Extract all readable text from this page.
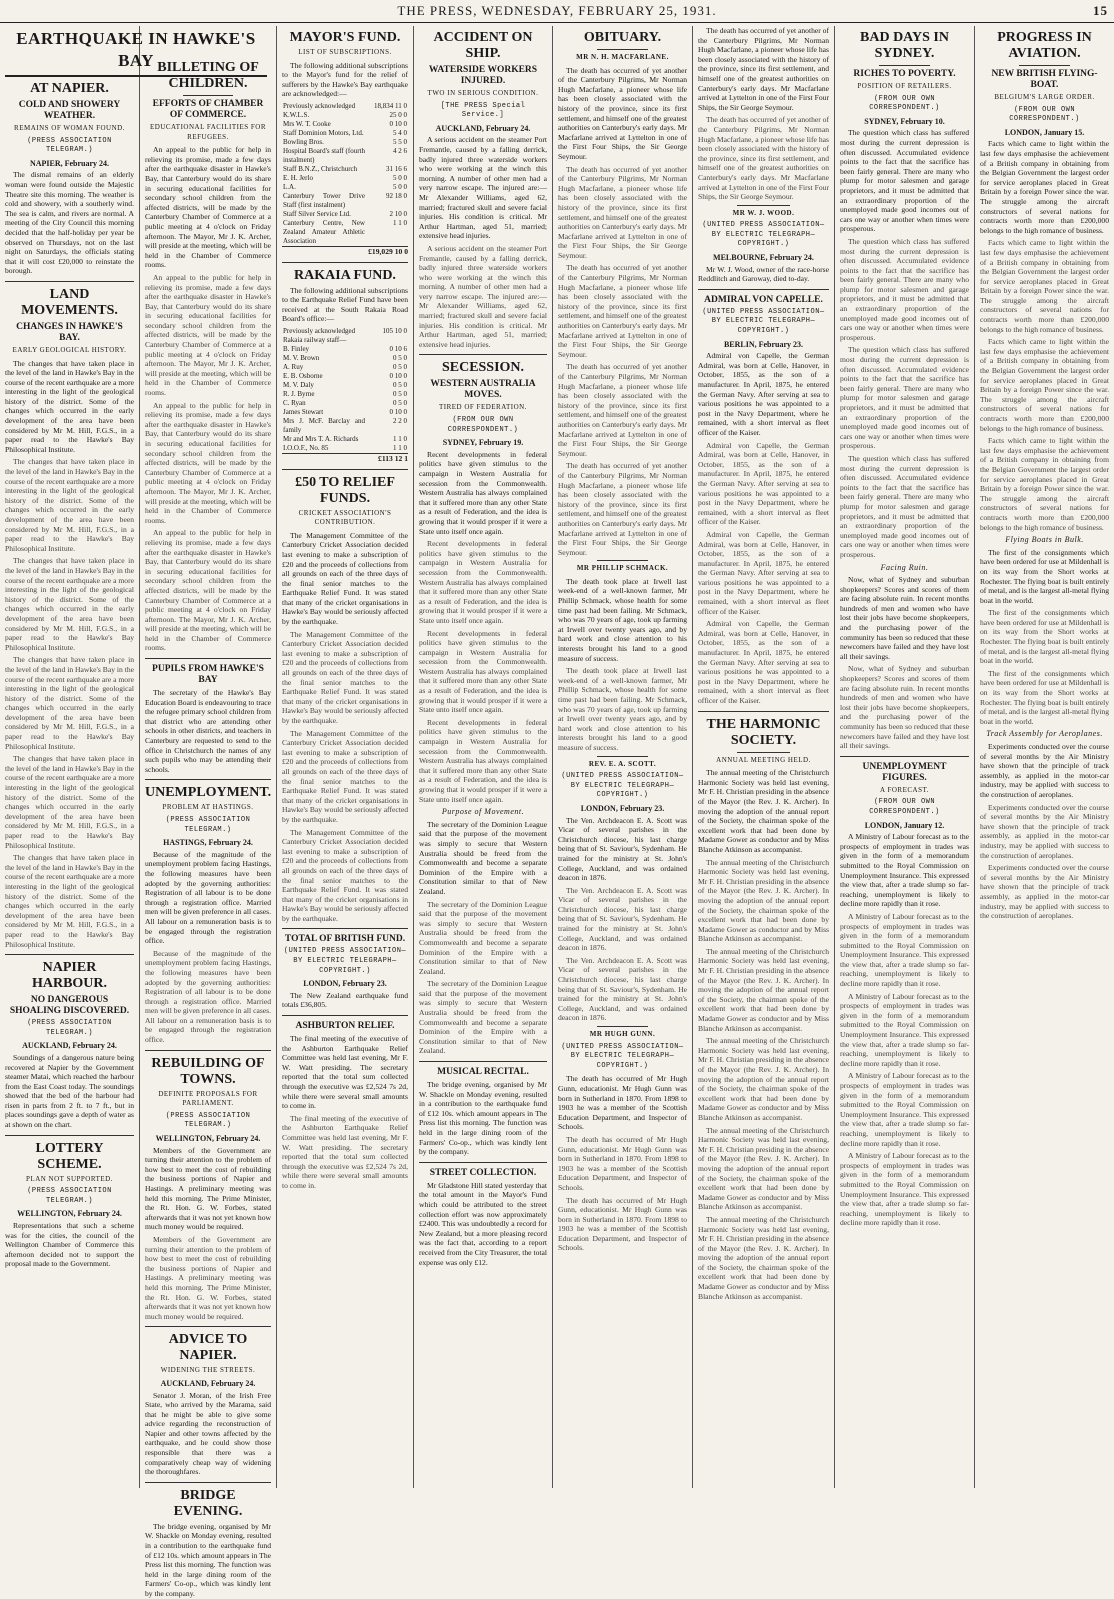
THE PRESS, WEDNESDAY, FEBRUARY 25, 1931.	15
EARTHQUAKE IN HAWKE'S BAY
AT NAPIER.
COLD AND SHOWERY WEATHER.
REMAINS OF WOMAN FOUND.
(PRESS ASSOCIATION TELEGRAM.)
NAPIER, February 24.

The dismal remains of an elderly woman were found outside the Majestic Theatre site this morning. The weather is cold and showery, with a southerly wind. The sea is calm, and rivers are normal. A meeting of the City Council this morning decided that the half-holiday per year be observed on Thursdays, not on the last night on Saturdays, the officials stating that it will cost £20,000 to reinstate the borough.

LAND MOVEMENTS.
CHANGES IN HAWKE'S BAY.
EARLY GEOLOGICAL HISTORY.

The changes that have taken place in the level of the land in Hawke's Bay in the course of the recent earthquake are a more interesting in the light of the geological history of the district. Some of the changes which occurred in the early development of the area have been considered by Mr M. Hill, F.G.S., in a paper read to the Hawke's Bay Philosophical Institute.

The changes that have taken place in the level of the land in Hawke's Bay in the course of the recent earthquake are a more interesting in the light of the geological history of the district. Some of the changes which occurred in the early development of the area have been considered by Mr M. Hill, F.G.S., in a paper read to the Hawke's Bay Philosophical Institute.

The changes that have taken place in the level of the land in Hawke's Bay in the course of the recent earthquake are a more interesting in the light of the geological history of the district. Some of the changes which occurred in the early development of the area have been considered by Mr M. Hill, F.G.S., in a paper read to the Hawke's Bay Philosophical Institute.

The changes that have taken place in the level of the land in Hawke's Bay in the course of the recent earthquake are a more interesting in the light of the geological history of the district. Some of the changes which occurred in the early development of the area have been considered by Mr M. Hill, F.G.S., in a paper read to the Hawke's Bay Philosophical Institute.

The changes that have taken place in the level of the land in Hawke's Bay in the course of the recent earthquake are a more interesting in the light of the geological history of the district. Some of the changes which occurred in the early development of the area have been considered by Mr M. Hill, F.G.S., in a paper read to the Hawke's Bay Philosophical Institute.

The changes that have taken place in the level of the land in Hawke's Bay in the course of the recent earthquake are a more interesting in the light of the geological history of the district. Some of the changes which occurred in the early development of the area have been considered by Mr M. Hill, F.G.S., in a paper read to the Hawke's Bay Philosophical Institute.

NAPIER HARBOUR.
NO DANGEROUS SHOALING DISCOVERED.
(PRESS ASSOCIATION TELEGRAM.)
AUCKLAND, February 24.

Soundings of a dangerous nature being recovered at Napier by the Government steamer Matai, which reached the harbour from the East Coast today. The soundings showed that the bed of the harbour had risen in parts from 2 ft. to 7 ft., but in places soundings gave a depth of water as at shown on the chart.

LOTTERY SCHEME.
PLAN NOT SUPPORTED.
(PRESS ASSOCIATION TELEGRAM.)
WELLINGTON, February 24.

Representations that such a scheme was for the cities, the council of the Wellington Chamber of Commerce this afternoon decided not to support the proposal made to the Government.

BILLETING OF CHILDREN.
EFFORTS OF CHAMBER OF COMMERCE.
EDUCATIONAL FACILITIES FOR REFUGEES.

An appeal to the public for help in relieving its promise, made a few days after the earthquake disaster in Hawke's Bay, that Canterbury would do its share in securing educational facilities for secondary school children from the affected districts, will be made by the Canterbury Chamber of Commerce at a public meeting at 4 o'clock on Friday afternoon. The Mayor, Mr J. K. Archer, will preside at the meeting, which will be held in the Chamber of Commerce rooms.

An appeal to the public for help in relieving its promise, made a few days after the earthquake disaster in Hawke's Bay, that Canterbury would do its share in securing educational facilities for secondary school children from the affected districts, will be made by the Canterbury Chamber of Commerce at a public meeting at 4 o'clock on Friday afternoon. The Mayor, Mr J. K. Archer, will preside at the meeting, which will be held in the Chamber of Commerce rooms.

An appeal to the public for help in relieving its promise, made a few days after the earthquake disaster in Hawke's Bay, that Canterbury would do its share in securing educational facilities for secondary school children from the affected districts, will be made by the Canterbury Chamber of Commerce at a public meeting at 4 o'clock on Friday afternoon. The Mayor, Mr J. K. Archer, will preside at the meeting, which will be held in the Chamber of Commerce rooms.

An appeal to the public for help in relieving its promise, made a few days after the earthquake disaster in Hawke's Bay, that Canterbury would do its share in securing educational facilities for secondary school children from the affected districts, will be made by the Canterbury Chamber of Commerce at a public meeting at 4 o'clock on Friday afternoon. The Mayor, Mr J. K. Archer, will preside at the meeting, which will be held in the Chamber of Commerce rooms.

PUPILS FROM HAWKE'S BAY

The secretary of the Hawke's Bay Education Board is endeavouring to trace the refugee primary school children from that district who are attending other schools in other districts, and teachers in Canterbury are requested to send to the office in Christchurch the names of any such pupils who may be attending their schools.

UNEMPLOYMENT.
PROBLEM AT HASTINGS.
(PRESS ASSOCIATION TELEGRAM.)
HASTINGS, February 24.

Because of the magnitude of the unemployment problem facing Hastings, the following measures have been adopted by the governing authorities: Registration of all labour is to be done through a registration office. Married men will be given preference in all cases. All labour on a remuneration basis is to be engaged through the registration office.

Because of the magnitude of the unemployment problem facing Hastings, the following measures have been adopted by the governing authorities: Registration of all labour is to be done through a registration office. Married men will be given preference in all cases. All labour on a remuneration basis is to be engaged through the registration office.

REBUILDING OF TOWNS.
DEFINITE PROPOSALS FOR PARLIAMENT.
(PRESS ASSOCIATION TELEGRAM.)
WELLINGTON, February 24.

Members of the Government are turning their attention to the problem of how best to meet the cost of rebuilding the business portions of Napier and Hastings. A preliminary meeting was held this morning. The Prime Minister, the Rt. Hon. G. W. Forbes, stated afterwards that it was not yet known how much money would be required.

Members of the Government are turning their attention to the problem of how best to meet the cost of rebuilding the business portions of Napier and Hastings. A preliminary meeting was held this morning. The Prime Minister, the Rt. Hon. G. W. Forbes, stated afterwards that it was not yet known how much money would be required.

ADVICE TO NAPIER.
WIDENING THE STREETS.
AUCKLAND, February 24.

Senator J. Moran, of the Irish Free State, who arrived by the Marama, said that he might be able to give some advice regarding the reconstruction of Napier and other towns affected by the earthquake, and he could show those responsible that there was a comparatively cheap way of widening the thoroughfares.

BRIDGE EVENING.

The bridge evening, organised by Mr W. Shackle on Monday evening, resulted in a contribution to the earthquake fund of £12 10s. which amount appears in The Press list this morning. The function was held in the large dining room of the Farmers' Co-op., which was kindly lent by the company.

MAYOR'S FUND.
LIST OF SUBSCRIPTIONS.

The following additional subscriptions to the Mayor's fund for the relief of sufferers by the Hawke's Bay earthquake are acknowledged:—

Previously acknowledged	18,834 11 0
K.W.L.S.	25 0 0
Mrs W. T. Cooke	0 10 0
Staff Dominion Motors, Ltd.	5 4 0
Bowling Bros.	5 5 0
Hospital Board's staff (fourth instalment)	4 2 6
Staff B.N.Z., Christchurch	31 16 6
E. H. Jerlo	5 0 0
L.A.	5 0 0
Canterbury Tower Drive Staff (first instalment)	92 18 0
Staff Silver Service Ltd.	2 10 0
Canterbury Centre, New Zealand Amateur Athletic Association	1 1 0
£19,029 10 0
RAKAIA FUND.

The following additional subscriptions to the Earthquake Relief Fund have been received at the South Rakaia Road Board's office:—

Previously acknowledged	105 10 0
Rakaia railway staff—	
B. Finley	0 10 6
M. V. Brown	0 5 0
A. Ruy	0 5 0
E. B. Osborne	0 10 0
M. V. Daly	0 5 0
R. J. Byrne	0 5 0
C. Ryan	0 5 0
James Stewart	0 10 0
Mrs J. McF. Barclay and family	2 2 0
Mr and Mrs T. A. Richards	1 1 0
I.O.O.F., No. 85	1 1 0
£113 12 1
£50 TO RELIEF FUNDS.
CRICKET ASSOCIATION'S CONTRIBUTION.

The Management Committee of the Canterbury Cricket Association decided last evening to make a subscription of £20 and the proceeds of collections from all grounds on each of the three days of the final senior matches to the Earthquake Relief Fund. It was stated that many of the cricket organisations in Hawke's Bay would be seriously affected by the earthquake.

The Management Committee of the Canterbury Cricket Association decided last evening to make a subscription of £20 and the proceeds of collections from all grounds on each of the three days of the final senior matches to the Earthquake Relief Fund. It was stated that many of the cricket organisations in Hawke's Bay would be seriously affected by the earthquake.

The Management Committee of the Canterbury Cricket Association decided last evening to make a subscription of £20 and the proceeds of collections from all grounds on each of the three days of the final senior matches to the Earthquake Relief Fund. It was stated that many of the cricket organisations in Hawke's Bay would be seriously affected by the earthquake.

The Management Committee of the Canterbury Cricket Association decided last evening to make a subscription of £20 and the proceeds of collections from all grounds on each of the three days of the final senior matches to the Earthquake Relief Fund. It was stated that many of the cricket organisations in Hawke's Bay would be seriously affected by the earthquake.

TOTAL OF BRITISH FUND.
(UNITED PRESS ASSOCIATION—BY ELECTRIC TELEGRAPH—COPYRIGHT.)
LONDON, February 23.

The New Zealand earthquake fund totals £36,805.

ASHBURTON RELIEF.

The final meeting of the executive of the Ashburton Earthquake Relief Committee was held last evening, Mr F. W. Watt presiding. The secretary reported that the total sum collected through the executive was £2,524 7s 2d, while there were several small amounts to come in.

The final meeting of the executive of the Ashburton Earthquake Relief Committee was held last evening, Mr F. W. Watt presiding. The secretary reported that the total sum collected through the executive was £2,524 7s 2d, while there were several small amounts to come in.

ACCIDENT ON SHIP.
WATERSIDE WORKERS INJURED.
TWO IN SERIOUS CONDITION.
[THE PRESS Special Service.]
AUCKLAND, February 24.

A serious accident on the steamer Port Fremantle, caused by a falling derrick, badly injured three waterside workers who were working at the winch this morning. A number of other men had a very narrow escape. The injured are:— Mr Alexander Williams, aged 62, married; fractured skull and severe facial injuries. His condition is critical. Mr Arthur Hartman, aged 51, married; extensive head injuries.

A serious accident on the steamer Port Fremantle, caused by a falling derrick, badly injured three waterside workers who were working at the winch this morning. A number of other men had a very narrow escape. The injured are:— Mr Alexander Williams, aged 62, married; fractured skull and severe facial injuries. His condition is critical. Mr Arthur Hartman, aged 51, married; extensive head injuries.

SECESSION.
WESTERN AUSTRALIA MOVES.
TIRED OF FEDERATION.
(FROM OUR OWN CORRESPONDENT.)
SYDNEY, February 19.

Recent developments in federal politics have given stimulus to the campaign in Western Australia for secession from the Commonwealth. Western Australia has always complained that it suffered more than any other State as a result of Federation, and the idea is growing that it would prosper if it were a State unto itself once again.

Recent developments in federal politics have given stimulus to the campaign in Western Australia for secession from the Commonwealth. Western Australia has always complained that it suffered more than any other State as a result of Federation, and the idea is growing that it would prosper if it were a State unto itself once again.

Recent developments in federal politics have given stimulus to the campaign in Western Australia for secession from the Commonwealth. Western Australia has always complained that it suffered more than any other State as a result of Federation, and the idea is growing that it would prosper if it were a State unto itself once again.

Recent developments in federal politics have given stimulus to the campaign in Western Australia for secession from the Commonwealth. Western Australia has always complained that it suffered more than any other State as a result of Federation, and the idea is growing that it would prosper if it were a State unto itself once again.

Purpose of Movement.

The secretary of the Dominion League said that the purpose of the movement was simply to secure that Western Australia should be freed from the Commonwealth and become a separate Dominion of the Empire with a Constitution similar to that of New Zealand.

The secretary of the Dominion League said that the purpose of the movement was simply to secure that Western Australia should be freed from the Commonwealth and become a separate Dominion of the Empire with a Constitution similar to that of New Zealand.

The secretary of the Dominion League said that the purpose of the movement was simply to secure that Western Australia should be freed from the Commonwealth and become a separate Dominion of the Empire with a Constitution similar to that of New Zealand.

MUSICAL RECITAL.

The bridge evening, organised by Mr W. Shackle on Monday evening, resulted in a contribution to the earthquake fund of £12 10s. which amount appears in The Press list this morning. The function was held in the large dining room of the Farmers' Co-op., which was kindly lent by the company.

STREET COLLECTION.

Mr Gladstone Hill stated yesterday that the total amount in the Mayor's Fund which could be attributed to the street collection effort was now approximately £2400. This was undoubtedly a record for New Zealand, but a more pleasing record was the fact that, according to a report received from the City Treasurer, the total expense was only £12.

OBITUARY.
MR N. H. MACFARLANE.

The death has occurred of yet another of the Canterbury Pilgrims, Mr Norman Hugh Macfarlane, a pioneer whose life has been closely associated with the history of the province, since its first settlement, and himself one of the greatest authorities on Canterbury's early days. Mr Macfarlane arrived at Lyttelton in one of the First Four Ships, the Sir George Seymour.

The death has occurred of yet another of the Canterbury Pilgrims, Mr Norman Hugh Macfarlane, a pioneer whose life has been closely associated with the history of the province, since its first settlement, and himself one of the greatest authorities on Canterbury's early days. Mr Macfarlane arrived at Lyttelton in one of the First Four Ships, the Sir George Seymour.

The death has occurred of yet another of the Canterbury Pilgrims, Mr Norman Hugh Macfarlane, a pioneer whose life has been closely associated with the history of the province, since its first settlement, and himself one of the greatest authorities on Canterbury's early days. Mr Macfarlane arrived at Lyttelton in one of the First Four Ships, the Sir George Seymour.

The death has occurred of yet another of the Canterbury Pilgrims, Mr Norman Hugh Macfarlane, a pioneer whose life has been closely associated with the history of the province, since its first settlement, and himself one of the greatest authorities on Canterbury's early days. Mr Macfarlane arrived at Lyttelton in one of the First Four Ships, the Sir George Seymour.

The death has occurred of yet another of the Canterbury Pilgrims, Mr Norman Hugh Macfarlane, a pioneer whose life has been closely associated with the history of the province, since its first settlement, and himself one of the greatest authorities on Canterbury's early days. Mr Macfarlane arrived at Lyttelton in one of the First Four Ships, the Sir George Seymour.

MR PHILLIP SCHMACK.

The death took place at Irwell last week-end of a well-known farmer, Mr Phillip Schmack, whose health for some time past had been failing. Mr Schmack, who was 70 years of age, took up farming at Irwell over twenty years ago, and by hard work and close attention to his interests brought his land to a good measure of success.

The death took place at Irwell last week-end of a well-known farmer, Mr Phillip Schmack, whose health for some time past had been failing. Mr Schmack, who was 70 years of age, took up farming at Irwell over twenty years ago, and by hard work and close attention to his interests brought his land to a good measure of success.

REV. E. A. SCOTT.
(UNITED PRESS ASSOCIATION—BY ELECTRIC TELEGRAPH—COPYRIGHT.)
LONDON, February 23.

The Ven. Archdeacon E. A. Scott was Vicar of several parishes in the Christchurch diocese, his last charge being that of St. Saviour's, Sydenham. He trained for the ministry at St. John's College, Auckland, and was ordained deacon in 1876.

The Ven. Archdeacon E. A. Scott was Vicar of several parishes in the Christchurch diocese, his last charge being that of St. Saviour's, Sydenham. He trained for the ministry at St. John's College, Auckland, and was ordained deacon in 1876.

The Ven. Archdeacon E. A. Scott was Vicar of several parishes in the Christchurch diocese, his last charge being that of St. Saviour's, Sydenham. He trained for the ministry at St. John's College, Auckland, and was ordained deacon in 1876.

MR HUGH GUNN.
(UNITED PRESS ASSOCIATION—BY ELECTRIC TELEGRAPH—COPYRIGHT.)

The death has occurred of Mr Hugh Gunn, educationist. Mr Hugh Gunn was born in Sutherland in 1870. From 1898 to 1903 he was a member of the Scottish Education Department, and Inspector of Schools.

The death has occurred of Mr Hugh Gunn, educationist. Mr Hugh Gunn was born in Sutherland in 1870. From 1898 to 1903 he was a member of the Scottish Education Department, and Inspector of Schools.

The death has occurred of Mr Hugh Gunn, educationist. Mr Hugh Gunn was born in Sutherland in 1870. From 1898 to 1903 he was a member of the Scottish Education Department, and Inspector of Schools.

The death has occurred of yet another of the Canterbury Pilgrims, Mr Norman Hugh Macfarlane, a pioneer whose life has been closely associated with the history of the province, since its first settlement, and himself one of the greatest authorities on Canterbury's early days. Mr Macfarlane arrived at Lyttelton in one of the First Four Ships, the Sir George Seymour.

The death has occurred of yet another of the Canterbury Pilgrims, Mr Norman Hugh Macfarlane, a pioneer whose life has been closely associated with the history of the province, since its first settlement, and himself one of the greatest authorities on Canterbury's early days. Mr Macfarlane arrived at Lyttelton in one of the First Four Ships, the Sir George Seymour.

MR W. J. WOOD.
(UNITED PRESS ASSOCIATION—BY ELECTRIC TELEGRAPH—COPYRIGHT.)
MELBOURNE, February 24.

Mr W. J. Wood, owner of the race-horse Reddlitch and Garoway, died to-day.

ADMIRAL VON CAPELLE.
(UNITED PRESS ASSOCIATION—BY ELECTRIC TELEGRAPH—COPYRIGHT.)
BERLIN, February 23.

Admiral von Capelle, the German Admiral, was born at Celle, Hanover, in October, 1855, as the son of a manufacturer. In April, 1875, he entered the German Navy. After serving at sea to various positions he was appointed to a post in the Navy Department, where he remained, with a short interval as fleet officer of the Kaiser.

Admiral von Capelle, the German Admiral, was born at Celle, Hanover, in October, 1855, as the son of a manufacturer. In April, 1875, he entered the German Navy. After serving at sea to various positions he was appointed to a post in the Navy Department, where he remained, with a short interval as fleet officer of the Kaiser.

Admiral von Capelle, the German Admiral, was born at Celle, Hanover, in October, 1855, as the son of a manufacturer. In April, 1875, he entered the German Navy. After serving at sea to various positions he was appointed to a post in the Navy Department, where he remained, with a short interval as fleet officer of the Kaiser.

Admiral von Capelle, the German Admiral, was born at Celle, Hanover, in October, 1855, as the son of a manufacturer. In April, 1875, he entered the German Navy. After serving at sea to various positions he was appointed to a post in the Navy Department, where he remained, with a short interval as fleet officer of the Kaiser.

THE HARMONIC SOCIETY.
ANNUAL MEETING HELD.

The annual meeting of the Christchurch Harmonic Society was held last evening, Mr F. H. Christian presiding in the absence of the Mayor (the Rev. J. K. Archer). In moving the adoption of the annual report of the Society, the chairman spoke of the excellent work that had been done by Madame Gower as conductor and by Miss Blanche Atkinson as accompanist.

The annual meeting of the Christchurch Harmonic Society was held last evening, Mr F. H. Christian presiding in the absence of the Mayor (the Rev. J. K. Archer). In moving the adoption of the annual report of the Society, the chairman spoke of the excellent work that had been done by Madame Gower as conductor and by Miss Blanche Atkinson as accompanist.

The annual meeting of the Christchurch Harmonic Society was held last evening, Mr F. H. Christian presiding in the absence of the Mayor (the Rev. J. K. Archer). In moving the adoption of the annual report of the Society, the chairman spoke of the excellent work that had been done by Madame Gower as conductor and by Miss Blanche Atkinson as accompanist.

The annual meeting of the Christchurch Harmonic Society was held last evening, Mr F. H. Christian presiding in the absence of the Mayor (the Rev. J. K. Archer). In moving the adoption of the annual report of the Society, the chairman spoke of the excellent work that had been done by Madame Gower as conductor and by Miss Blanche Atkinson as accompanist.

The annual meeting of the Christchurch Harmonic Society was held last evening, Mr F. H. Christian presiding in the absence of the Mayor (the Rev. J. K. Archer). In moving the adoption of the annual report of the Society, the chairman spoke of the excellent work that had been done by Madame Gower as conductor and by Miss Blanche Atkinson as accompanist.

The annual meeting of the Christchurch Harmonic Society was held last evening, Mr F. H. Christian presiding in the absence of the Mayor (the Rev. J. K. Archer). In moving the adoption of the annual report of the Society, the chairman spoke of the excellent work that had been done by Madame Gower as conductor and by Miss Blanche Atkinson as accompanist.

BAD DAYS IN SYDNEY.
RICHES TO POVERTY.
POSITION OF RETAILERS.
(FROM OUR OWN CORRESPONDENT.)
SYDNEY, February 10.

The question which class has suffered most during the current depression is often discussed. Accumulated evidence points to the fact that the sacrifice has been fairly general. There are many who plump for motor salesmen and garage proprietors, and it must be admitted that an extraordinary proportion of the unemployed made good incomes out of cars one way or another when times were prosperous.

The question which class has suffered most during the current depression is often discussed. Accumulated evidence points to the fact that the sacrifice has been fairly general. There are many who plump for motor salesmen and garage proprietors, and it must be admitted that an extraordinary proportion of the unemployed made good incomes out of cars one way or another when times were prosperous.

The question which class has suffered most during the current depression is often discussed. Accumulated evidence points to the fact that the sacrifice has been fairly general. There are many who plump for motor salesmen and garage proprietors, and it must be admitted that an extraordinary proportion of the unemployed made good incomes out of cars one way or another when times were prosperous.

The question which class has suffered most during the current depression is often discussed. Accumulated evidence points to the fact that the sacrifice has been fairly general. There are many who plump for motor salesmen and garage proprietors, and it must be admitted that an extraordinary proportion of the unemployed made good incomes out of cars one way or another when times were prosperous.

Facing Ruin.

Now, what of Sydney and suburban shopkeepers? Scores and scores of them are facing absolute ruin. In recent months hundreds of men and women who have lost their jobs have become shopkeepers, and the purchasing power of the community has been so reduced that these newcomers have failed and they have lost all their savings.

Now, what of Sydney and suburban shopkeepers? Scores and scores of them are facing absolute ruin. In recent months hundreds of men and women who have lost their jobs have become shopkeepers, and the purchasing power of the community has been so reduced that these newcomers have failed and they have lost all their savings.

UNEMPLOYMENT FIGURES.
A FORECAST.
(FROM OUR OWN CORRESPONDENT.)
LONDON, January 12.

A Ministry of Labour forecast as to the prospects of employment in trades was given in the form of a memorandum submitted to the Royal Commission on Unemployment Insurance. This expressed the view that, after a trade slump so far-reaching, unemployment is likely to decline more rapidly than it rose.

A Ministry of Labour forecast as to the prospects of employment in trades was given in the form of a memorandum submitted to the Royal Commission on Unemployment Insurance. This expressed the view that, after a trade slump so far-reaching, unemployment is likely to decline more rapidly than it rose.

A Ministry of Labour forecast as to the prospects of employment in trades was given in the form of a memorandum submitted to the Royal Commission on Unemployment Insurance. This expressed the view that, after a trade slump so far-reaching, unemployment is likely to decline more rapidly than it rose.

A Ministry of Labour forecast as to the prospects of employment in trades was given in the form of a memorandum submitted to the Royal Commission on Unemployment Insurance. This expressed the view that, after a trade slump so far-reaching, unemployment is likely to decline more rapidly than it rose.

A Ministry of Labour forecast as to the prospects of employment in trades was given in the form of a memorandum submitted to the Royal Commission on Unemployment Insurance. This expressed the view that, after a trade slump so far-reaching, unemployment is likely to decline more rapidly than it rose.

PROGRESS IN AVIATION.
NEW BRITISH FLYING-BOAT.
BELGIUM'S LARGE ORDER.
(FROM OUR OWN CORRESPONDENT.)
LONDON, January 15.

Facts which came to light within the last few days emphasise the achievement of a British company in obtaining from the Belgian Government the largest order for service aeroplanes placed in Great Britain by a foreign Power since the war. The struggle among the aircraft constructors of several nations for contracts worth more than £200,000 belongs to the high romance of business.

Facts which came to light within the last few days emphasise the achievement of a British company in obtaining from the Belgian Government the largest order for service aeroplanes placed in Great Britain by a foreign Power since the war. The struggle among the aircraft constructors of several nations for contracts worth more than £200,000 belongs to the high romance of business.

Facts which came to light within the last few days emphasise the achievement of a British company in obtaining from the Belgian Government the largest order for service aeroplanes placed in Great Britain by a foreign Power since the war. The struggle among the aircraft constructors of several nations for contracts worth more than £200,000 belongs to the high romance of business.

Facts which came to light within the last few days emphasise the achievement of a British company in obtaining from the Belgian Government the largest order for service aeroplanes placed in Great Britain by a foreign Power since the war. The struggle among the aircraft constructors of several nations for contracts worth more than £200,000 belongs to the high romance of business.

Flying Boats in Bulk.

The first of the consignments which have been ordered for use at Mildenhall is on its way from the Short works at Rochester. The flying boat is built entirely of metal, and is the largest all-metal flying boat in the world.

The first of the consignments which have been ordered for use at Mildenhall is on its way from the Short works at Rochester. The flying boat is built entirely of metal, and is the largest all-metal flying boat in the world.

The first of the consignments which have been ordered for use at Mildenhall is on its way from the Short works at Rochester. The flying boat is built entirely of metal, and is the largest all-metal flying boat in the world.

Track Assembly for Aeroplanes.

Experiments conducted over the course of several months by the Air Ministry have shown that the principle of track assembly, as applied in the motor-car industry, may be applied with success to the construction of aeroplanes.

Experiments conducted over the course of several months by the Air Ministry have shown that the principle of track assembly, as applied in the motor-car industry, may be applied with success to the construction of aeroplanes.

Experiments conducted over the course of several months by the Air Ministry have shown that the principle of track assembly, as applied in the motor-car industry, may be applied with success to the construction of aeroplanes.
